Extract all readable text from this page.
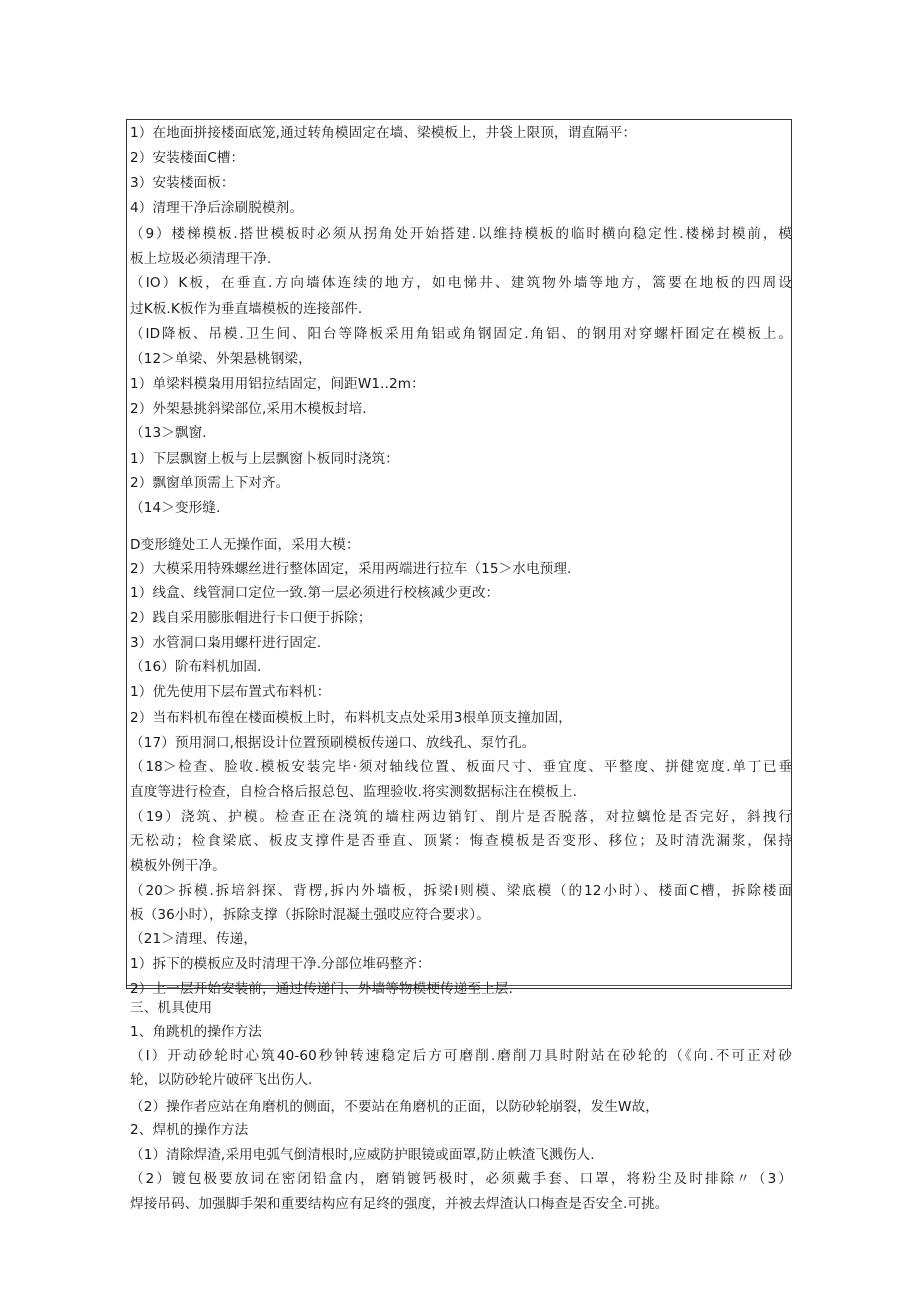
1）在地面拼接楼面底笼,通过转角模固定在墙、梁模板上，井袋上限顶，谓直隔平：
2）安装楼面C槽：
3）安装楼面板：
4）清理干净后涂刷脱模剂。
（9）楼梯模板.搭世模板时必须从拐角处开始搭建.以维持模板的临时横向稳定性.楼梯封模前，模
板上垃圾必须清理干净.
（IO）K板，在垂直.方向墙体连续的地方，如电悌井、建筑物外墙等地方，篙要在地板的四周设
过K板.K板作为垂直墙模板的连接部件.
（ID降板、吊模.卫生间、阳台等降板采用角铝或角钢固定.角铝、的钢用对穿螺杆囿定在模板上。
（12＞单梁、外架悬桃钢梁，
1）单梁料模枭用用铝拉结固定，间距W1..2m：
2）外架悬挑斜梁部位,采用木模板封培.
（13＞飘窗.
1）下层飘窗上板与上层飘窗卜板同时浇筑：
2）飘窗单顶需上下对齐。
（14＞变形缝.
D变形缝处工人无操作面，采用大模：
2）大模采用特殊螺丝进行整体固定，采用两端进行拉车（15＞水电预理.
1）线盒、线管洞口定位一致.第一层必须进行校核减少更改：
2）践自采用膨胀帽进行卡口便于拆除；
3）水管洞口枭用螺杆进行固定.
（16）阶布料机加固.
1）优先使用下层布置式布料机：
2）当布料机布徨在楼面模板上时，布料机支点处采用3根单顶支撞加固，
（17）预用洞口,根据设计位置预刷模板传递口、放线孔、泵竹孔。
（18＞检查、脸收.模板安装完毕·须对轴线位置、板面尺寸、垂宜度、平整度、拼健宽度.单丁已垂
直度等进行检查，自检合格后报总包、监理验收.将实测数据标注在模板上.
（19）浇筑、护模。检查正在浇筑的墙柱两边销钉、削片是否脱落，对拉螭怆是否完好，斜拽行
无松动；检食梁底、板皮支撑件是否垂直、顶紧：悔查模板是否变形、移位；及时清洗漏浆，保持
模板外例干净。
（20＞拆模.拆培斜探、背楞,拆内外墙板，拆梁I则模、梁底模（的12小时）、楼面C槽，拆除楼面
板（36小时），拆除支撑（拆除时混凝土强哎应符合要求）。
（21＞清理、传递，
1）拆下的模板应及时清理干净.分部位堆码整齐：
2）上一层开始安装前，通过传递门、外墙等物模梗传递至上层.
三、机具使用
1、角跳机的操作方法
（I）开动砂轮时心筑40-60秒钟转速稳定后方可磨削.磨削刀具时附站在砂轮的（《向.不可正对砂
轮，以防砂轮片破砰飞出伤人.
（2）操作者应站在角磨机的侧面，不要站在角磨机的正面，以防砂轮崩裂，发生W故，
2、焊机的操作方法
（1）清除焊渣,采用电弧气倒清根时,应威防护眼镜或面罩,防止帙渣飞溅伤人.
（2）镀包极要放词在密闭铅盒内，磨销镀钙极时，必须戴手套、口罩，将粉尘及时排除〃（3）
焊接吊码、加强脚手架和重要结构应有足终的强度，并被去焊渣认口梅查是否安全.可挑。
